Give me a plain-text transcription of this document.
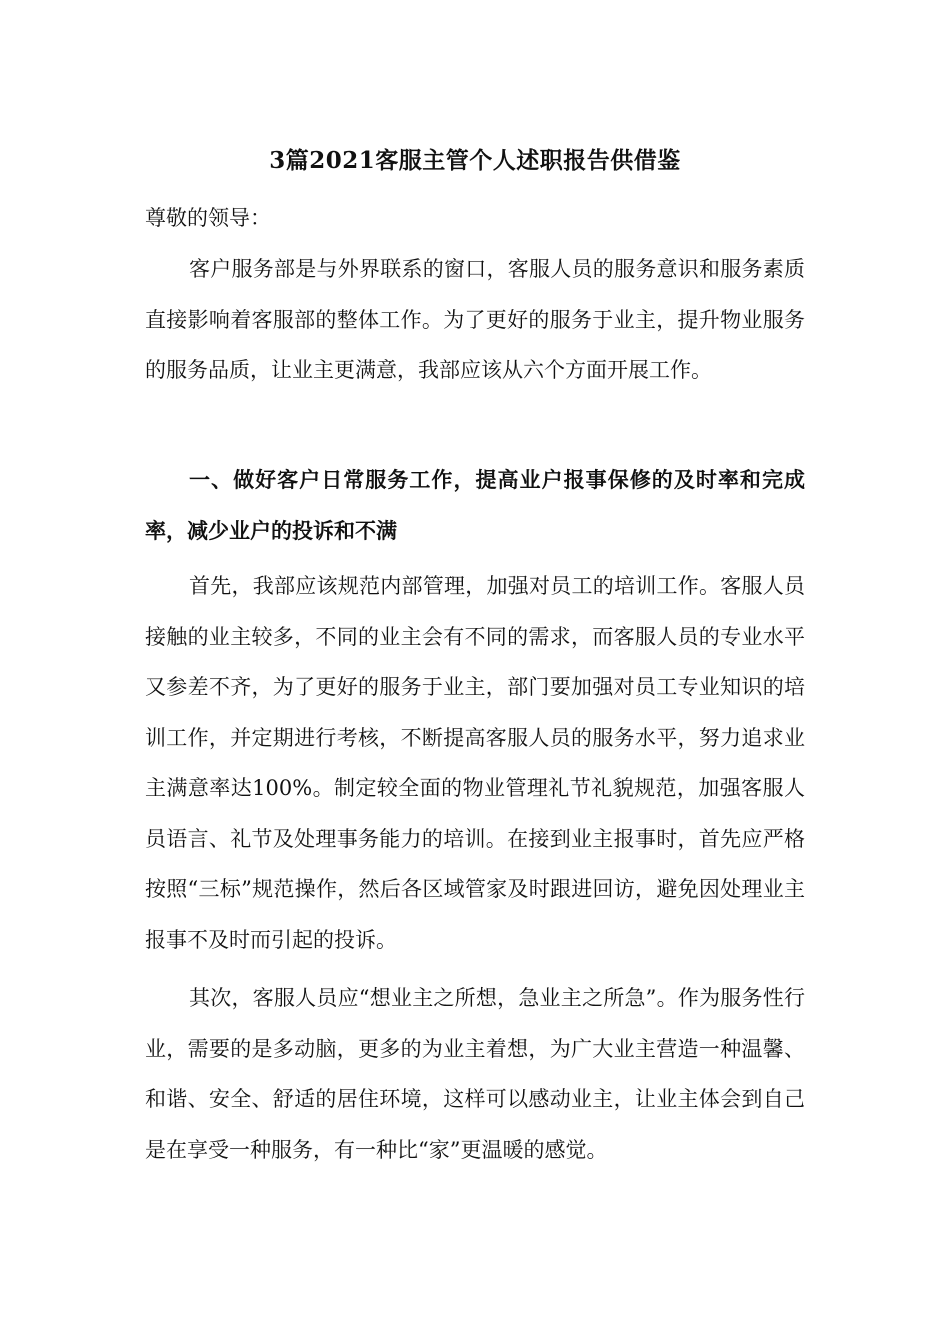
3篇2021客服主管个人述职报告供借鉴
尊敬的领导：

客户服务部是与外界联系的窗口，客服人员的服务意识和服务素质直接影响着客服部的整体工作。为了更好的服务于业主，提升物业服务的服务品质，让业主更满意，我部应该从六个方面开展工作。

一、做好客户日常服务工作，提高业户报事保修的及时率和完成率，减少业户的投诉和不满

首先，我部应该规范内部管理，加强对员工的培训工作。客服人员接触的业主较多，不同的业主会有不同的需求，而客服人员的专业水平又参差不齐，为了更好的服务于业主，部门要加强对员工专业知识的培训工作，并定期进行考核，不断提高客服人员的服务水平，努力追求业主满意率达100%。制定较全面的物业管理礼节礼貌规范，加强客服人员语言、礼节及处理事务能力的培训。在接到业主报事时，首先应严格按照“三标”规范操作，然后各区域管家及时跟进回访，避免因处理业主报事不及时而引起的投诉。

其次，客服人员应“想业主之所想，急业主之所急”。作为服务性行业，需要的是多动脑，更多的为业主着想，为广大业主营造一种温馨、和谐、安全、舒适的居住环境，这样可以感动业主，让业主体会到自己是在享受一种服务，有一种比“家”更温暖的感觉。
